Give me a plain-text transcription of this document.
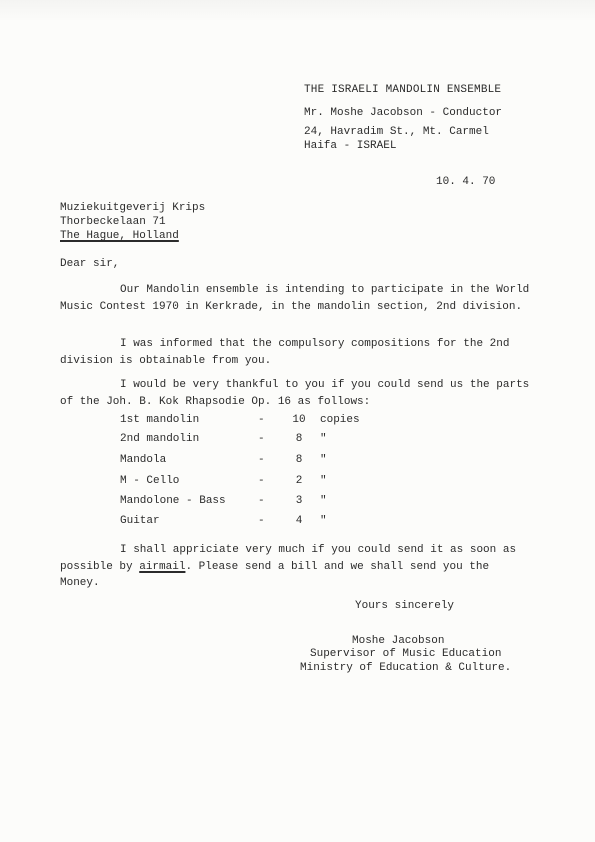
THE ISRAELI MANDOLIN ENSEMBLE
Mr. Moshe Jacobson - Conductor
24, Havradim St., Mt. Carmel
Haifa - ISRAEL
10. 4. 70
Muziekuitgeverij Krips
Thorbeckelaan 71
The Hague, Holland
Dear sir,
Our Mandolin ensemble is intending to participate in the World Music Contest 1970 in Kerkrade, in the mandolin section, 2nd division.
I was informed that the compulsory compositions for the 2nd division is obtainable from you.
I would be very thankful to you if you could send us the parts of the Joh. B. Kok Rhapsodie Op. 16 as follows:
1st mandolin	-	10 copies
2nd mandolin	-	8	"
Mandola	-	8	"
M - Cello	-	2	"
Mandolone - Bass	-	3	"
Guitar	-	4	"
I shall appriciate very much if you could send it as soon as possible by airmail. Please send a bill and we shall send you the Money.
Yours sincerely
Moshe Jacobson
Supervisor of Music Education
Ministry of Education & Culture.
